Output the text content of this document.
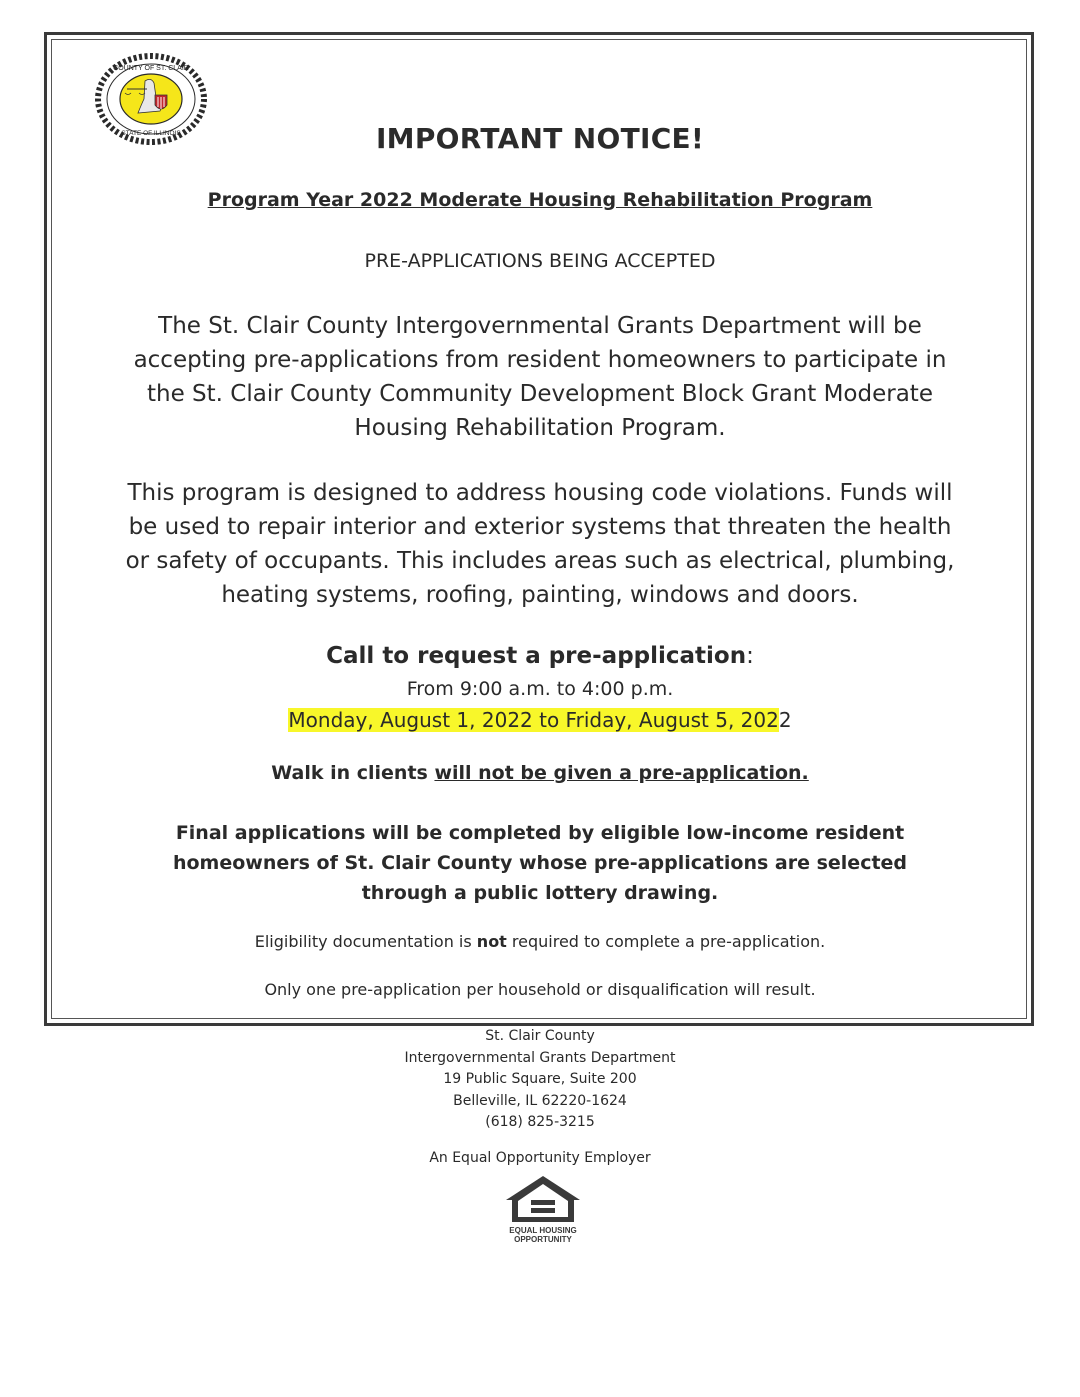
COUNTY OF ST. CLAIR
STATE OF ILLINOIS	IMPORTANT NOTICE!
Program Year 2022 Moderate Housing Rehabilitation Program
PRE-APPLICATIONS BEING ACCEPTED
The St. Clair County Intergovernmental Grants Department will be accepting pre-applications from resident homeowners to participate in the St. Clair County Community Development Block Grant Moderate Housing Rehabilitation Program.
This program is designed to address housing code violations. Funds will be used to repair interior and exterior systems that threaten the health or safety of occupants. This includes areas such as electrical, plumbing, heating systems, roofing, painting, windows and doors.
Call to request a pre-application:
From 9:00 a.m. to 4:00 p.m.
Monday, August 1, 2022 to Friday, August 5, 2022
Walk in clients will not be given a pre-application.
Final applications will be completed by eligible low-income resident homeowners of St. Clair County whose pre-applications are selected through a public lottery drawing.
Eligibility documentation is not required to complete a pre-application.
Only one pre-application per household or disqualification will result.
St. Clair County
Intergovernmental Grants Department
19 Public Square, Suite 200
Belleville, IL 62220-1624
(618) 825-3215
An Equal Opportunity Employer
EQUAL HOUSING
OPPORTUNITY
